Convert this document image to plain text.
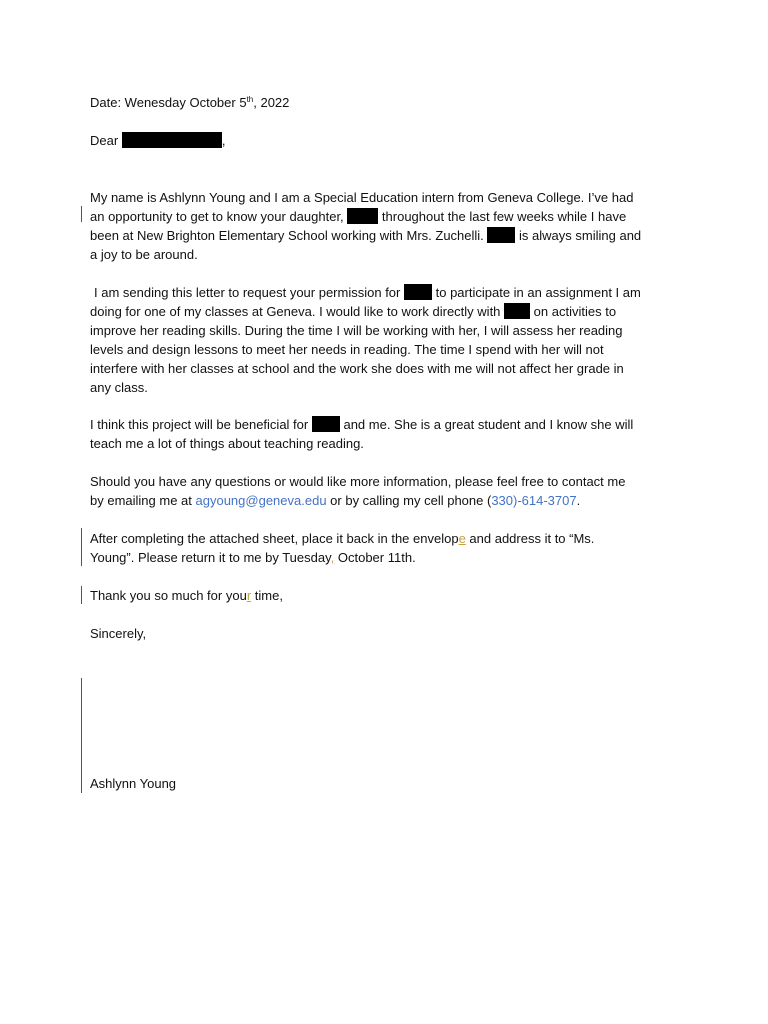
Date: Wenesday October 5th, 2022
Dear	,
My name is Ashlynn Young and I am a Special Education intern from Geneva College. I’ve had
an opportunity to get to know your daughter,	throughout the last few weeks while I have
been at New Brighton Elementary School working with Mrs. Zuchelli.	is always smiling and
a joy to be around.
I am sending this letter to request your permission for	to participate in an assignment I am
doing for one of my classes at Geneva. I would like to work directly with	on activities to
improve her reading skills. During the time I will be working with her, I will assess her reading
levels and design lessons to meet her needs in reading. The time I spend with her will not
interfere with her classes at school and the work she does with me will not affect her grade in
any class.
I think this project will be beneficial for	and me. She is a great student and I know she will
teach me a lot of things about teaching reading.
Should you have any questions or would like more information, please feel free to contact me
by emailing me at agyoung@geneva.edu or by calling my cell phone (330)-614-3707.
After completing the attached sheet, place it back in the envelope and address it to “Ms.
Young”. Please return it to me by Tuesday, October 11th.
Thank you so much for your time,
Sincerely,
Ashlynn Young
